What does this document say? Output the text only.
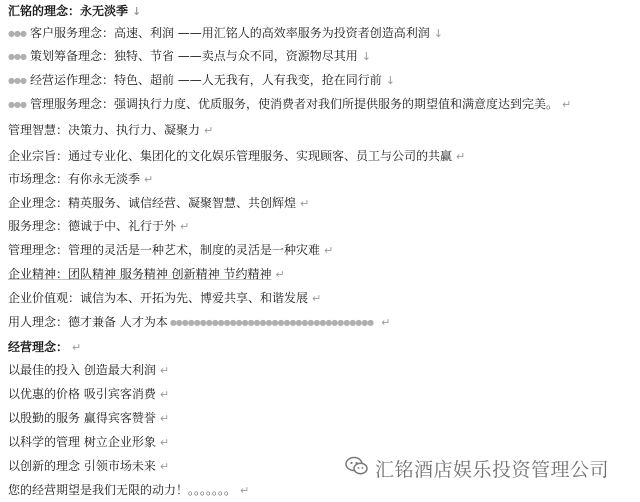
汇铭的理念：永无淡季 ↓
●●● 客户服务理念：高速、利润 ——用汇铭人的高效率服务为投资者创造高利润 ↓
●●● 策划筹备理念：独特、节省 ——卖点与众不同，资源物尽其用 ↓
●●● 经营运作理念：特色、超前 ——人无我有，人有我变，抢在同行前 ↓
●●● 管理服务理念：强调执行力度、优质服务，使消费者对我们所提供服务的期望值和满意度达到完美。 ↵
管理智慧：决策力、执行力、凝聚力 ↵
企业宗旨：通过专业化、集团化的文化娱乐管理服务、实现顾客、员工与公司的共赢 ↵
市场理念：有你永无淡季 ↵
企业理念：精英服务、诚信经营、凝聚智慧、共创辉煌 ↵
服务理念：德诚于中、礼行于外 ↵
管理理念：管理的灵活是一种艺术，制度的灵活是一种灾难 ↵
企业精神：团队精神 服务精神 创新精神 节约精神 ↵
企业价值观：诚信为本、开拓为先、博爱共享、和谐发展 ↵
用人理念：德才兼备 人才为本 ●●●●●●●●●●●●●●●●●●●●●●●●●●●●●●●●●● ↵
经营理念： ↵
以最佳的投入 创造最大利润 ↵
以优惠的价格 吸引宾客消费 ↵
以殷勤的服务 赢得宾客赞誉 ↵
以科学的管理 树立企业形象 ↵
以创新的理念 引领市场未来 ↵
您的经营期望是我们无限的动力！。。。。。。。 ↵
汇铭酒店娱乐投资管理公司
